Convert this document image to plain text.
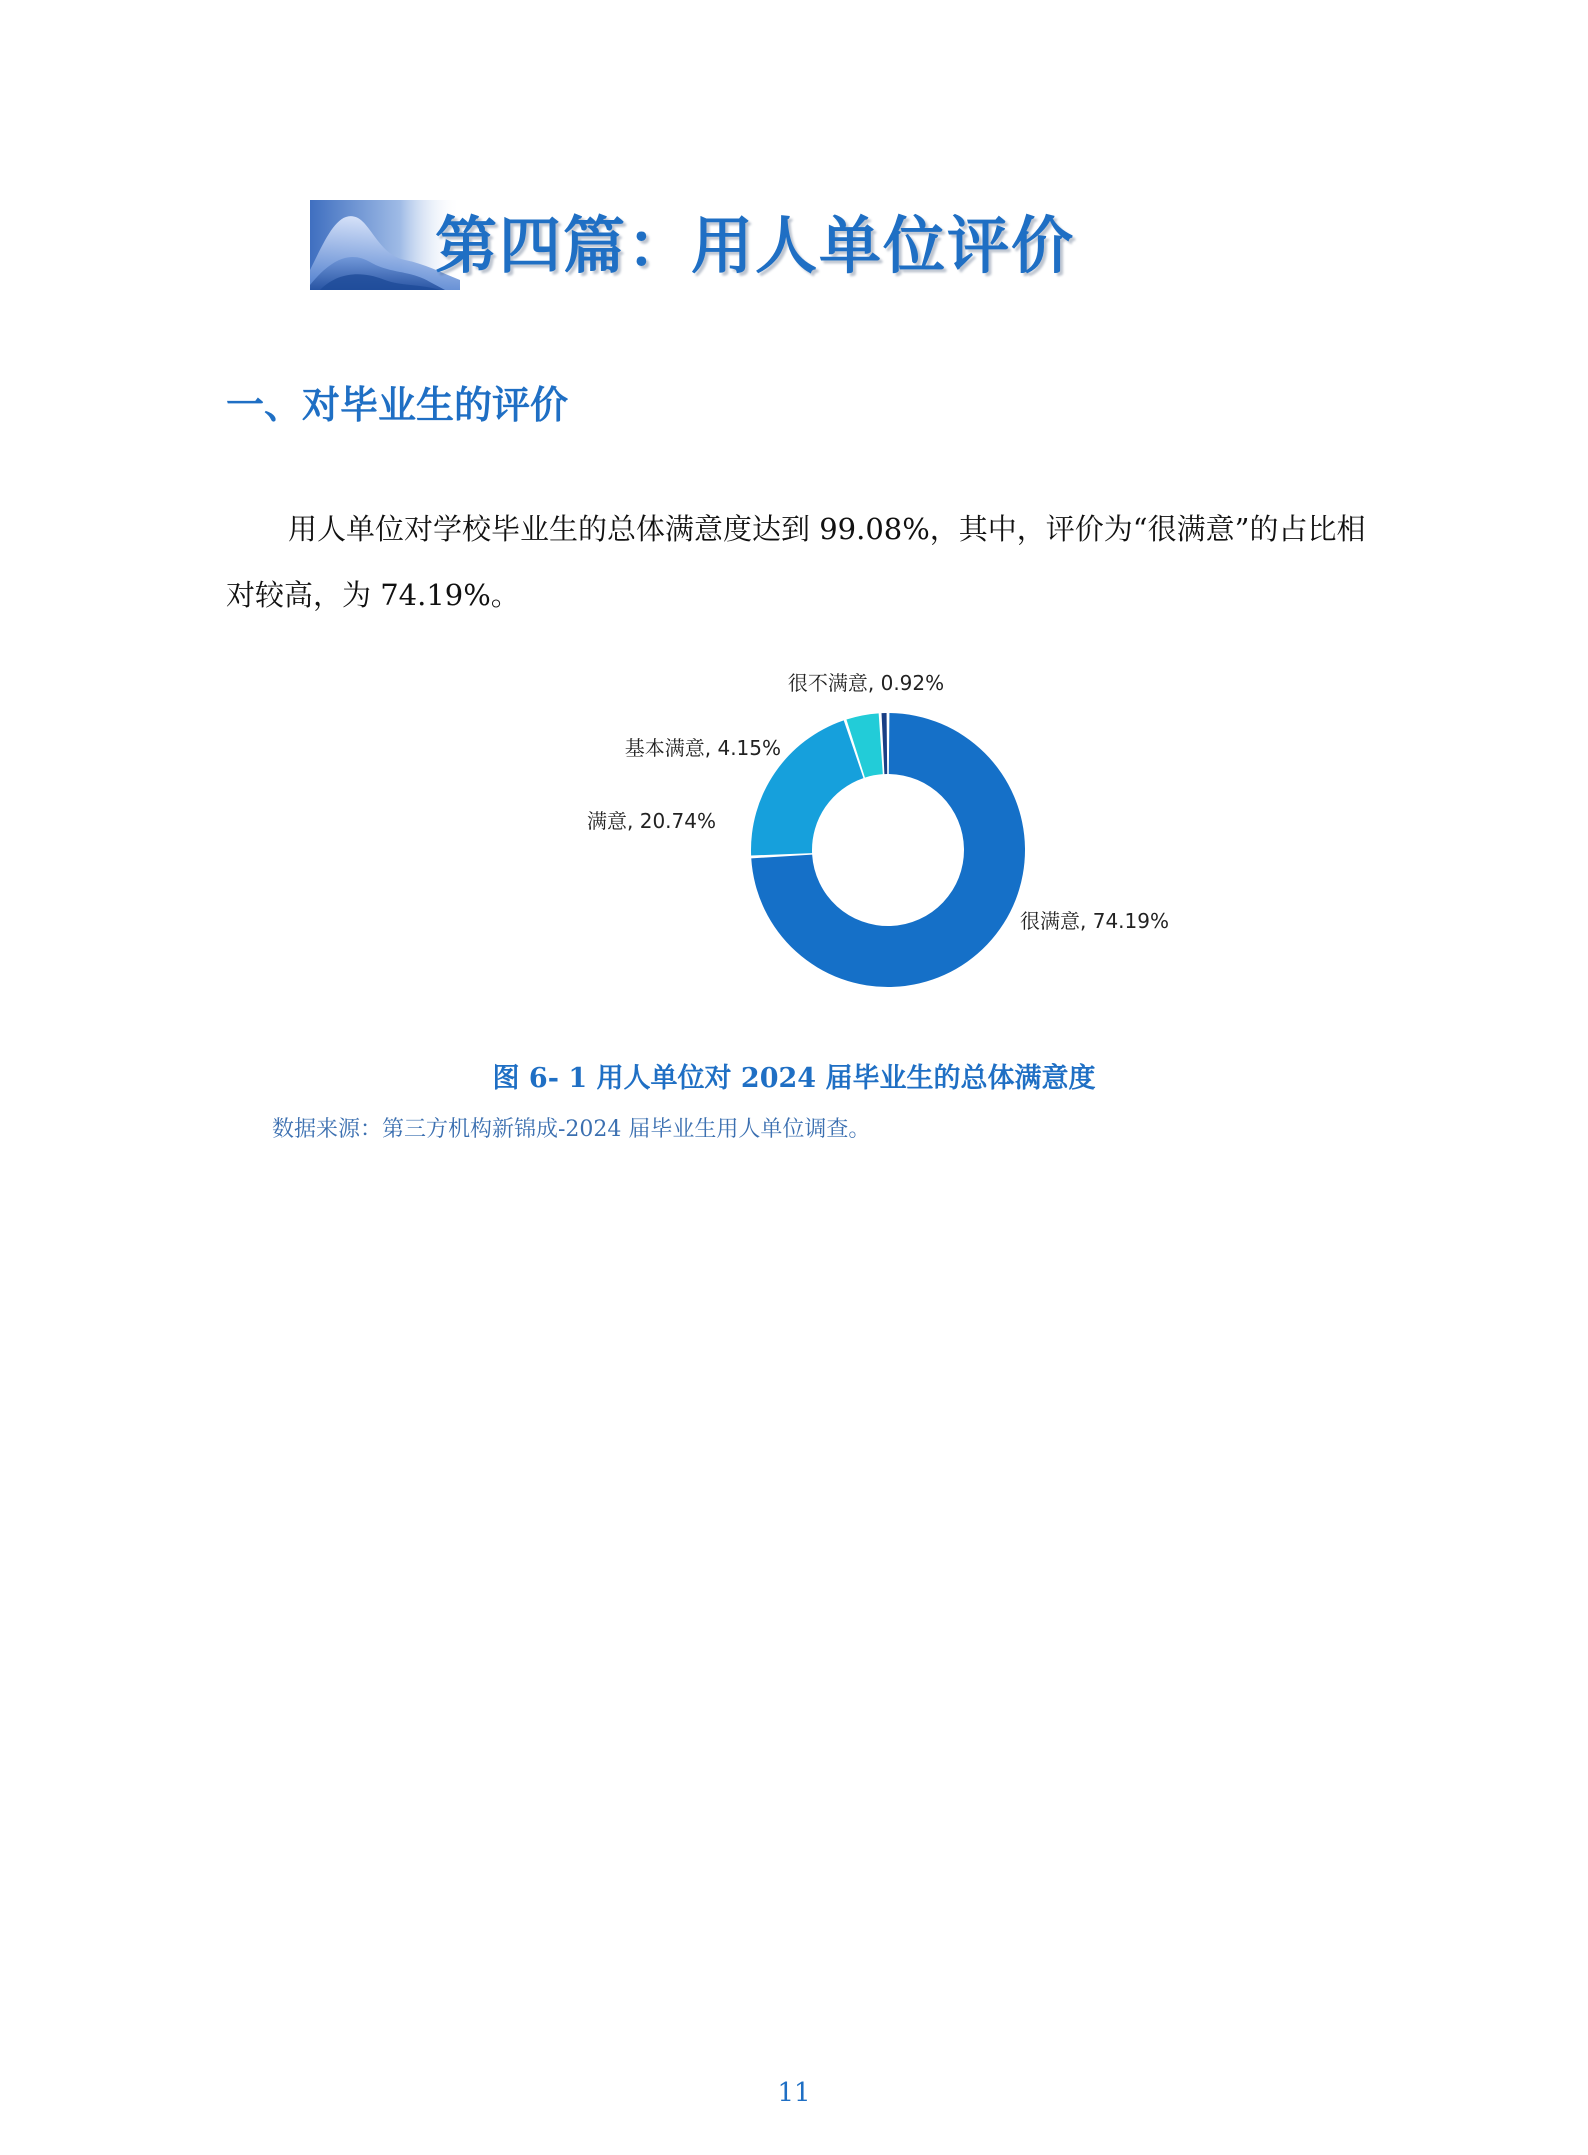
第四篇：用人单位评价
一、对毕业生的评价

用人单位对学校毕业生的总体满意度达到 99.08%，其中，评价为“很满意”的占比相对较高，为 74.19%。

很满意, 74.19%
满意, 20.74%
基本满意, 4.15%
很不满意, 0.92%
图 6- 1 用人单位对 2024 届毕业生的总体满意度
数据来源：第三方机构新锦成-2024 届毕业生用人单位调查。
11
